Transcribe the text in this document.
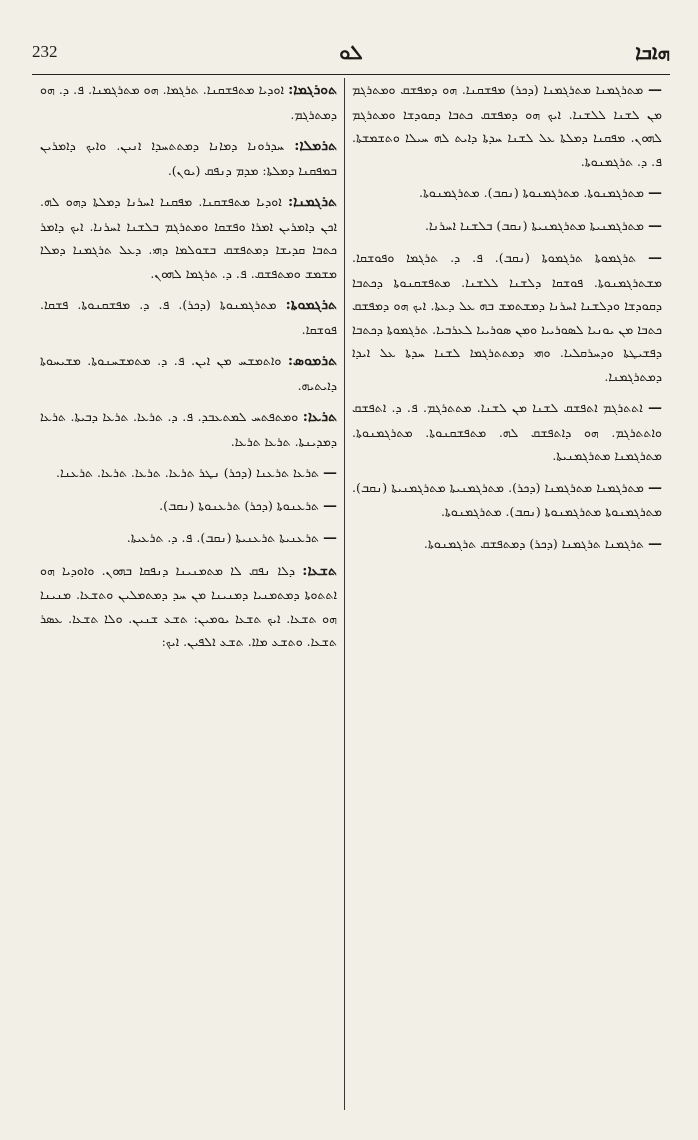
232	ܠܘ	ܗܐܒܐ

ܬܘܪܓܡܐ: ܐܘܕܝܐ ܡܬܦܫܩܢܐ. ܬܪܓܡܐ. ܗܘ ܡܬܪܓܡܢܐ. ܦ. ܕ. ܗܘ ܕܡܬܪܓܡ.

ܬܪܡܠܐ: ܚܕܪܘܢܐ ܕܡܐܢܐ ܕܡܬܬܚܕܐ ܐܢܝܢ. ܘܐܝܟ ܕܐܡܪܝܢ ܒܡܦܩܢܐ ܕܡܠܬܐ: ܡܕܡ ܕܢܦܩ (ܝܘܢ).

ܬܪܓܡܢܐ: ܐܘܕܝܐ ܡܬܦܫܩܢܐ. ܡܦܩܢܐ ܐܚܪܢܐ ܕܡܠܬܐ ܕܗܘ ܠܗ. ܐܟܢ ܕܐܡܪܝܢ ܐܡܪܐ ܘܦܫܩܐ ܘܡܬܪܓܡ ܒܠܫܢܐ ܐܚܪܢܐ. ܐܝܟ ܕܐܡܪ ܟܬܒܐ ܩܕܝܫܐ ܕܡܬܦܫܩ ܒܫܘܠܡܐ ܕܗܝ. ܕܥܠ ܬܪܓܡܢܐ ܕܡܠܐ ܡܫܡܫ ܘܡܬܦܫܩ. ܦ. ܕ. ܬܪܓܡܐ ܠܗܘܢ.

ܬܪܓܡܘܬܐ: ܡܬܪܓܡܢܘܬܐ (ܕܟܪ). ܦ. ܕ. ܡܦܫܩܢܘܬܐ. ܦܫܩܐ. ܦܘܫܩܐ.

ܬܪܡܘܣ: ܘܐܬܡܫܚ ܡܢ ܐܝܢ. ܦ. ܕ. ܡܬܡܫܚܢܘܬܐ. ܡܫܝܚܘܬܐ ܕܐܝܬܝܗ.

ܬܪܥܐ: ܘܡܬܦܬܚ ܠܡܬܥܒܕ. ܦ. ܕ. ܬܪܥܐ. ܬܪܥܐ ܕܒܝܬܐ. ܬܪܥܐ ܕܡܕܝܢܬܐ. ܬܪܥܐ ܬܪܥܐ.

— ܬܪܥܐ ܬܪܥܢܐ (ܕܟܪ) ܢܛܪ ܬܪܥܐ. ܬܪܥܐ. ܬܪܥܐ. ܬܪܥܢܐ.

— ܬܪܥܢܘܬܐ (ܕܟܪ) ܬܪܥܢܘܬܐ (ܢܩܒ).

— ܬܪܥܢܝܬܐ ܬܪܥܢܝܬܐ (ܢܩܒ). ܦ. ܕ. ܬܪܥܝܬܐ.

ܬܫܥܐ: ܕܠܐ ܢܦܩ ܠܐ ܡܬܡܢܝܢܐ ܕܢܦܩܐ ܒܗܘܢ. ܘܐܘܕܝܐ ܗܘ ܐܬܬܘܬܐ ܕܡܬܡܢܝܐ ܕܡܢܝܢܐ ܡܢ ܚܕ ܕܡܬܡܠܝܢ ܘܬܫܥܐ. ܡܢܝܢܐ ܗܘ ܬܫܥܐ. ܐܝܟ ܬܫܥܐ ܝܘܡܝܢ: ܬܫܥ ܫܢܝܢ. ܘܠܐ ܬܫܥܐ. ܥܣܪ ܬܫܥܐ. ܘܬܫܥ ܡܐܐ. ܬܫܥ ܐܠܦܝܢ. ܐܝܟ:

— ܡܬܪܓܡܢܐ ܡܬܪܓܡܢܐ (ܕܟܪ) ܡܦܫܩܢܐ. ܗܘ ܕܡܦܫܩ ܘܡܬܪܓܡ ܡܢ ܠܫܢܐ ܠܠܫܢܐ. ܐܝܟ ܗܘ ܕܡܦܫܩ ܟܬܒܐ ܕܩܘܕܫܐ ܘܡܬܪܓܡ ܠܗܘܢ. ܡܦܩܢܐ ܕܡܠܬܐ ܥܠ ܠܫܢܐ ܚܕܬܐ ܕܐܝܬ ܠܗ ܚܝܠܐ ܘܬܫܡܫܬܐ. ܦ. ܕ. ܬܪܓܡܢܘܬܐ.

— ܡܬܪܓܡܢܘܬܐ. ܡܬܪܓܡܢܘܬܐ (ܢܩܒ). ܡܬܪܓܡܢܘܬܐ.

— ܡܬܪܓܡܢܝܬܐ ܡܬܪܓܡܢܝܬܐ (ܢܩܒ) ܒܠܫܢܐ ܐܚܪܢܐ.

— ܬܪܓܡܘܬܐ ܬܪܓܡܘܬܐ (ܢܩܒ). ܦ. ܕ. ܬܪܓܡܐ ܘܦܘܫܩܐ. ܡܫܬܪܓܡܢܘܬܐ. ܦܘܫܩܐ ܕܠܫܢܐ ܠܠܫܢܐ. ܡܬܦܫܩܢܘܬܐ ܕܟܬܒܐ ܕܩܘܕܫܐ ܘܕܠܫܢܐ ܐܚܪܢܐ ܕܡܫܬܡܫ ܒܗ ܥܠ ܕܥܬܐ. ܐܝܟ ܗܘ ܕܡܦܫܩ ܟܬܒܐ ܡܢ ܝܘܢܝܐ ܠܣܘܪܝܝܐ ܘܡܢ ܣܘܪܝܝܐ ܠܥܪܒܝܐ. ܬܪܓܡܘܬܐ ܕܟܬܒܐ ܕܦܫܝܛܬܐ ܘܕܚܪܩܠܝܐ. ܘܗܝ ܕܡܬܬܪܓܡܐ ܠܫܢܐ ܚܕܬܐ ܥܠ ܐܝܕܐ ܕܡܬܪܓܡܢܐ.

— ܐܬܬܪܓܡ ܐܬܦܫܩ ܠܫܢܐ ܡܢ ܠܫܢܐ. ܡܬܬܪܓܡ. ܦ. ܕ. ܐܬܦܫܩ ܘܐܬܬܪܓܡ. ܗܘ ܕܐܬܦܫܩ ܠܗ. ܡܬܦܫܩܢܘܬܐ. ܡܬܪܓܡܢܘܬܐ. ܡܬܪܓܡܢܐ ܡܬܪܓܡܢܝܬܐ.

— ܡܬܪܓܡܢܐ ܡܬܪܓܡܢܐ (ܕܟܪ). ܡܬܪܓܡܢܝܬܐ ܡܬܪܓܡܢܝܬܐ (ܢܩܒ). ܡܬܪܓܡܢܘܬܐ ܡܬܪܓܡܢܘܬܐ (ܢܩܒ). ܡܬܪܓܡܢܘܬܐ.

— ܬܪܓܡܢܐ ܬܪܓܡܢܐ (ܕܟܪ) ܕܡܬܦܫܩ ܬܪܓܡܢܘܬܐ.
